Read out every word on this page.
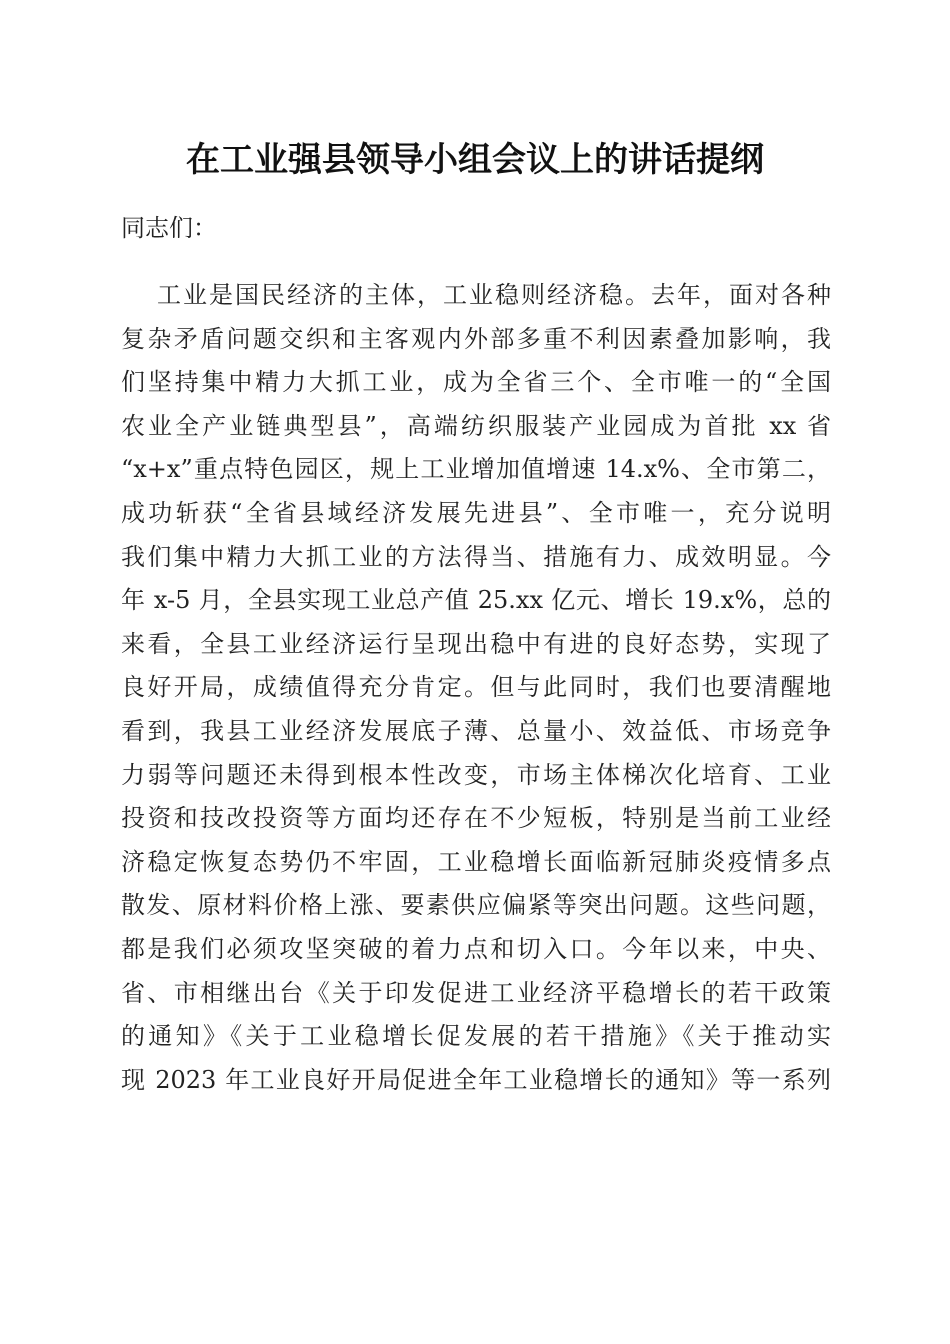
在工业强县领导小组会议上的讲话提纲
同志们：
工业是国民经济的主体，工业稳则经济稳。去年，面对各种
复杂矛盾问题交织和主客观内外部多重不利因素叠加影响，我
们坚持集中精力大抓工业，成为全省三个、全市唯一的“全国
农业全产业链典型县”，高端纺织服装产业园成为首批 xx 省
“x+x”重点特色园区，规上工业增加值增速 14.x%、全市第二，
成功斩获“全省县域经济发展先进县”、全市唯一，充分说明
我们集中精力大抓工业的方法得当、措施有力、成效明显。今
年 x-5 月，全县实现工业总产值 25.xx 亿元、增长 19.x%，总的
来看，全县工业经济运行呈现出稳中有进的良好态势，实现了
良好开局，成绩值得充分肯定。但与此同时，我们也要清醒地
看到，我县工业经济发展底子薄、总量小、效益低、市场竞争
力弱等问题还未得到根本性改变，市场主体梯次化培育、工业
投资和技改投资等方面均还存在不少短板，特别是当前工业经
济稳定恢复态势仍不牢固，工业稳增长面临新冠肺炎疫情多点
散发、原材料价格上涨、要素供应偏紧等突出问题。这些问题，
都是我们必须攻坚突破的着力点和切入口。今年以来，中央、
省、市相继出台《关于印发促进工业经济平稳增长的若干政策
的通知》《关于工业稳增长促发展的若干措施》《关于推动实
现 2023 年工业良好开局促进全年工业稳增长的通知》等一系列
